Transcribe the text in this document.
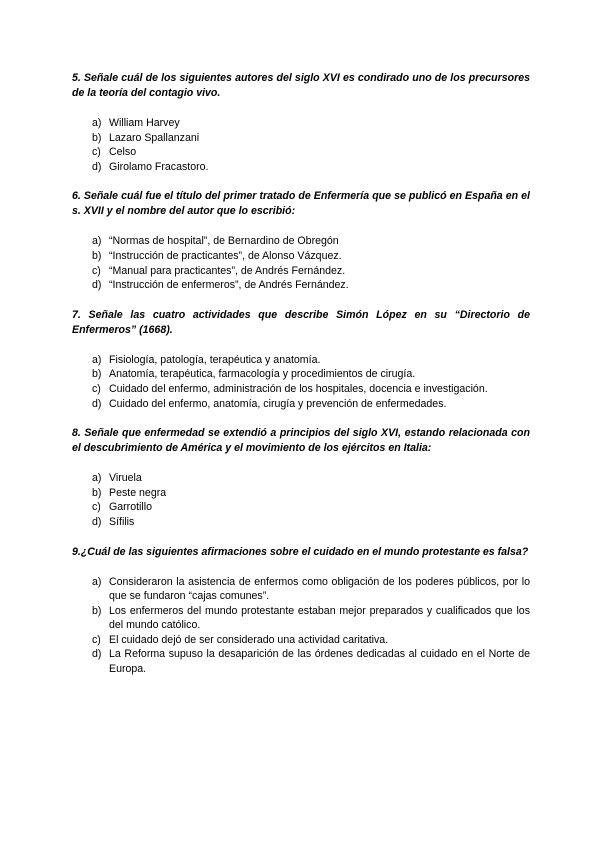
5. Señale cuál de los siguientes autores del siglo XVI es condirado uno de los precursores de la teoría del contagio vivo.

a) William Harvey
b) Lazaro Spallanzani
c) Celso
d) Girolamo Fracastoro.

6. Señale cuál fue el título del primer tratado de Enfermería que se publicó en España en el s. XVII y el nombre del autor que lo escribió:

a) “Normas de hospital”, de Bernardino de Obregón
b) “Instrucción de practicantes”, de Alonso Vázquez.
c) “Manual para practicantes”, de Andrés Fernández.
d) “Instrucción de enfermeros”, de Andrés Fernández.

7. Señale las cuatro actividades que describe Simón López en su “Directorio de Enfermeros” (1668).

a) Fisiología, patología, terapéutica y anatomía.
b) Anatomía, terapéutica, farmacología y procedimientos de cirugía.
c) Cuidado del enfermo, administración de los hospitales, docencia e investigación.
d) Cuidado del enfermo, anatomía, cirugía y prevención de enfermedades.

8. Señale que enfermedad se extendió a principios del siglo XVI, estando relacionada con el descubrimiento de América y el movimiento de los ejércitos en Italia:

a) Viruela
b) Peste negra
c) Garrotillo
d) Sífilis

9.¿Cuál de las siguientes afirmaciones sobre el cuidado en el mundo protestante es falsa?

a) Consideraron la asistencia de enfermos como obligación de los poderes públicos, por lo que se fundaron “cajas comunes”.
b) Los enfermeros del mundo protestante estaban mejor preparados y cualificados que los del mundo católico.
c) El cuidado dejó de ser considerado una actividad caritativa.
d) La Reforma supuso la desaparición de las órdenes dedicadas al cuidado en el Norte de Europa.
